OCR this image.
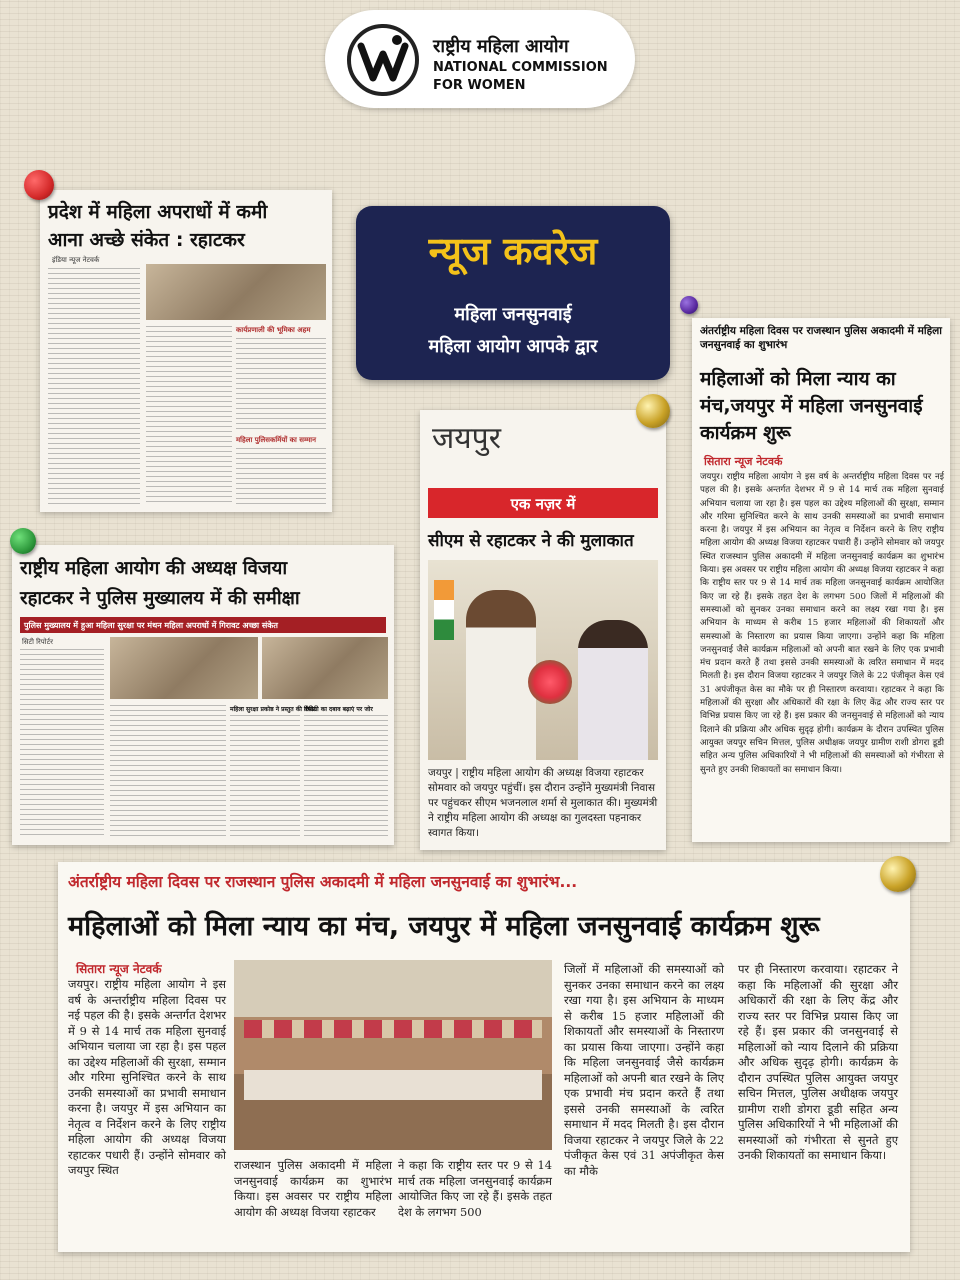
राष्ट्रीय महिला आयोग
NATIONAL COMMISSION
FOR WOMEN
प्रदेश में महिला अपराधों में कमी
आना अच्छे संकेत : रहाटकर
इंडिया न्यूज नेटवर्क
कार्यप्रणाली की भूमिका अहम
महिला पुलिसकर्मियों का सम्मान
न्यूज कवरेज
महिला जनसुनवाई
महिला आयोग आपके द्वार
राष्ट्रीय महिला आयोग की अध्यक्ष विजया
रहाटकर ने पुलिस मुख्यालय में की समीक्षा
पुलिस मुख्यालय में हुआ महिला सुरक्षा पर मंथन महिला अपराधों में गिरावट अच्छा संकेत
सिटी रिपोर्टर
महिला सुरक्षा प्रकोष्ठ ने प्रस्तुत की रिपोर्ट
वीडियो का दबाव बढ़ाएं पर जोर
जयपुर
एक नज़र में
सीएम से रहाटकर ने की मुलाकात
जयपुर | राष्ट्रीय महिला आयोग की अध्यक्ष विजया रहाटकर सोमवार को जयपुर पहुंचीं। इस दौरान उन्होंने मुख्यमंत्री निवास पर पहुंचकर सीएम भजनलाल शर्मा से मुलाकात की। मुख्यमंत्री ने राष्ट्रीय महिला आयोग की अध्यक्ष का गुलदस्ता पहनाकर स्वागत किया।
अंतर्राष्ट्रीय महिला दिवस पर राजस्थान पुलिस अकादमी में महिला जनसुनवाई का शुभारंभ
महिलाओं को मिला न्याय का मंच,जयपुर में महिला जनसुनवाई कार्यक्रम शुरू
सितारा न्यूज नेटवर्क
जयपुर। राष्ट्रीय महिला आयोग ने इस वर्ष के अन्तर्राष्ट्रीय महिला दिवस पर नई पहल की है। इसके अन्तर्गत देशभर में 9 से 14 मार्च तक महिला सुनवाई अभियान चलाया जा रहा है। इस पहल का उद्देश्य महिलाओं की सुरक्षा, सम्मान और गरिमा सुनिश्चित करने के साथ उनकी समस्याओं का प्रभावी समाधान करना है। जयपुर में इस अभियान का नेतृत्व व निर्देशन करने के लिए राष्ट्रीय महिला आयोग की अध्यक्ष विजया रहाटकर पधारी हैं। उन्होंने सोमवार को जयपुर स्थित राजस्थान पुलिस अकादमी में महिला जनसुनवाई कार्यक्रम का शुभारंभ किया। इस अवसर पर राष्ट्रीय महिला आयोग की अध्यक्ष विजया रहाटकर ने कहा कि राष्ट्रीय स्तर पर 9 से 14 मार्च तक महिला जनसुनवाई कार्यक्रम आयोजित किए जा रहे हैं। इसके तहत देश के लगभग 500 जिलों में महिलाओं की समस्याओं को सुनकर उनका समाधान करने का लक्ष्य रखा गया है। इस अभियान के माध्यम से करीब 15 हजार महिलाओं की शिकायतों और समस्याओं के निस्तारण का प्रयास किया जाएगा। उन्होंने कहा कि महिला जनसुनवाई जैसे कार्यक्रम महिलाओं को अपनी बात रखने के लिए एक प्रभावी मंच प्रदान करते हैं तथा इससे उनकी समस्याओं के त्वरित समाधान में मदद मिलती है। इस दौरान विजया रहाटकर ने जयपुर जिले के 22 पंजीकृत केस एवं 31 अपंजीकृत केस का मौके पर ही निस्तारण करवाया। रहाटकर ने कहा कि महिलाओं की सुरक्षा और अधिकारों की रक्षा के लिए केंद्र और राज्य स्तर पर विभिन्न प्रयास किए जा रहे हैं। इस प्रकार की जनसुनवाई से महिलाओं को न्याय दिलाने की प्रक्रिया और अधिक सुदृढ़ होगी। कार्यक्रम के दौरान उपस्थित पुलिस आयुक्त जयपुर सचिन मित्तल, पुलिस अधीक्षक जयपुर ग्रामीण राशी डोगरा डूडी सहित अन्य पुलिस अधिकारियों ने भी महिलाओं की समस्याओं को गंभीरता से सुनते हुए उनकी शिकायतों का समाधान किया।
अंतर्राष्ट्रीय महिला दिवस पर राजस्थान पुलिस अकादमी में महिला जनसुनवाई का शुभारंभ...
महिलाओं को मिला न्याय का मंच, जयपुर में महिला जनसुनवाई कार्यक्रम शुरू
सितारा न्यूज नेटवर्क
जयपुर। राष्ट्रीय महिला आयोग ने इस वर्ष के अन्तर्राष्ट्रीय महिला दिवस पर नई पहल की है। इसके अन्तर्गत देशभर में 9 से 14 मार्च तक महिला सुनवाई अभियान चलाया जा रहा है। इस पहल का उद्देश्य महिलाओं की सुरक्षा, सम्मान और गरिमा सुनिश्चित करने के साथ उनकी समस्याओं का प्रभावी समाधान करना है। जयपुर में इस अभियान का नेतृत्व व निर्देशन करने के लिए राष्ट्रीय महिला आयोग की अध्यक्ष विजया रहाटकर पधारी हैं। उन्होंने सोमवार को जयपुर स्थित	राजस्थान पुलिस अकादमी में महिला जनसुनवाई कार्यक्रम का शुभारंभ किया। इस अवसर पर राष्ट्रीय महिला आयोग की अध्यक्ष विजया रहाटकर
ने कहा कि राष्ट्रीय स्तर पर 9 से 14 मार्च तक महिला जनसुनवाई कार्यक्रम आयोजित किए जा रहे हैं। इसके तहत देश के लगभग 500
जिलों में महिलाओं की समस्याओं को सुनकर उनका समाधान करने का लक्ष्य रखा गया है। इस अभियान के माध्यम से करीब 15 हजार महिलाओं की शिकायतों और समस्याओं के निस्तारण का प्रयास किया जाएगा। उन्होंने कहा कि महिला जनसुनवाई जैसे कार्यक्रम महिलाओं को अपनी बात रखने के लिए एक प्रभावी मंच प्रदान करते हैं तथा इससे उनकी समस्याओं के त्वरित समाधान में मदद मिलती है। इस दौरान विजया रहाटकर ने जयपुर जिले के 22 पंजीकृत केस एवं 31 अपंजीकृत केस का मौके
पर ही निस्तारण करवाया। रहाटकर ने कहा कि महिलाओं की सुरक्षा और अधिकारों की रक्षा के लिए केंद्र और राज्य स्तर पर विभिन्न प्रयास किए जा रहे हैं। इस प्रकार की जनसुनवाई से महिलाओं को न्याय दिलाने की प्रक्रिया और अधिक सुदृढ़ होगी। कार्यक्रम के दौरान उपस्थित पुलिस आयुक्त जयपुर सचिन मित्तल, पुलिस अधीक्षक जयपुर ग्रामीण राशी डोगरा डूडी सहित अन्य पुलिस अधिकारियों ने भी महिलाओं की समस्याओं को गंभीरता से सुनते हुए उनकी शिकायतों का समाधान किया।
